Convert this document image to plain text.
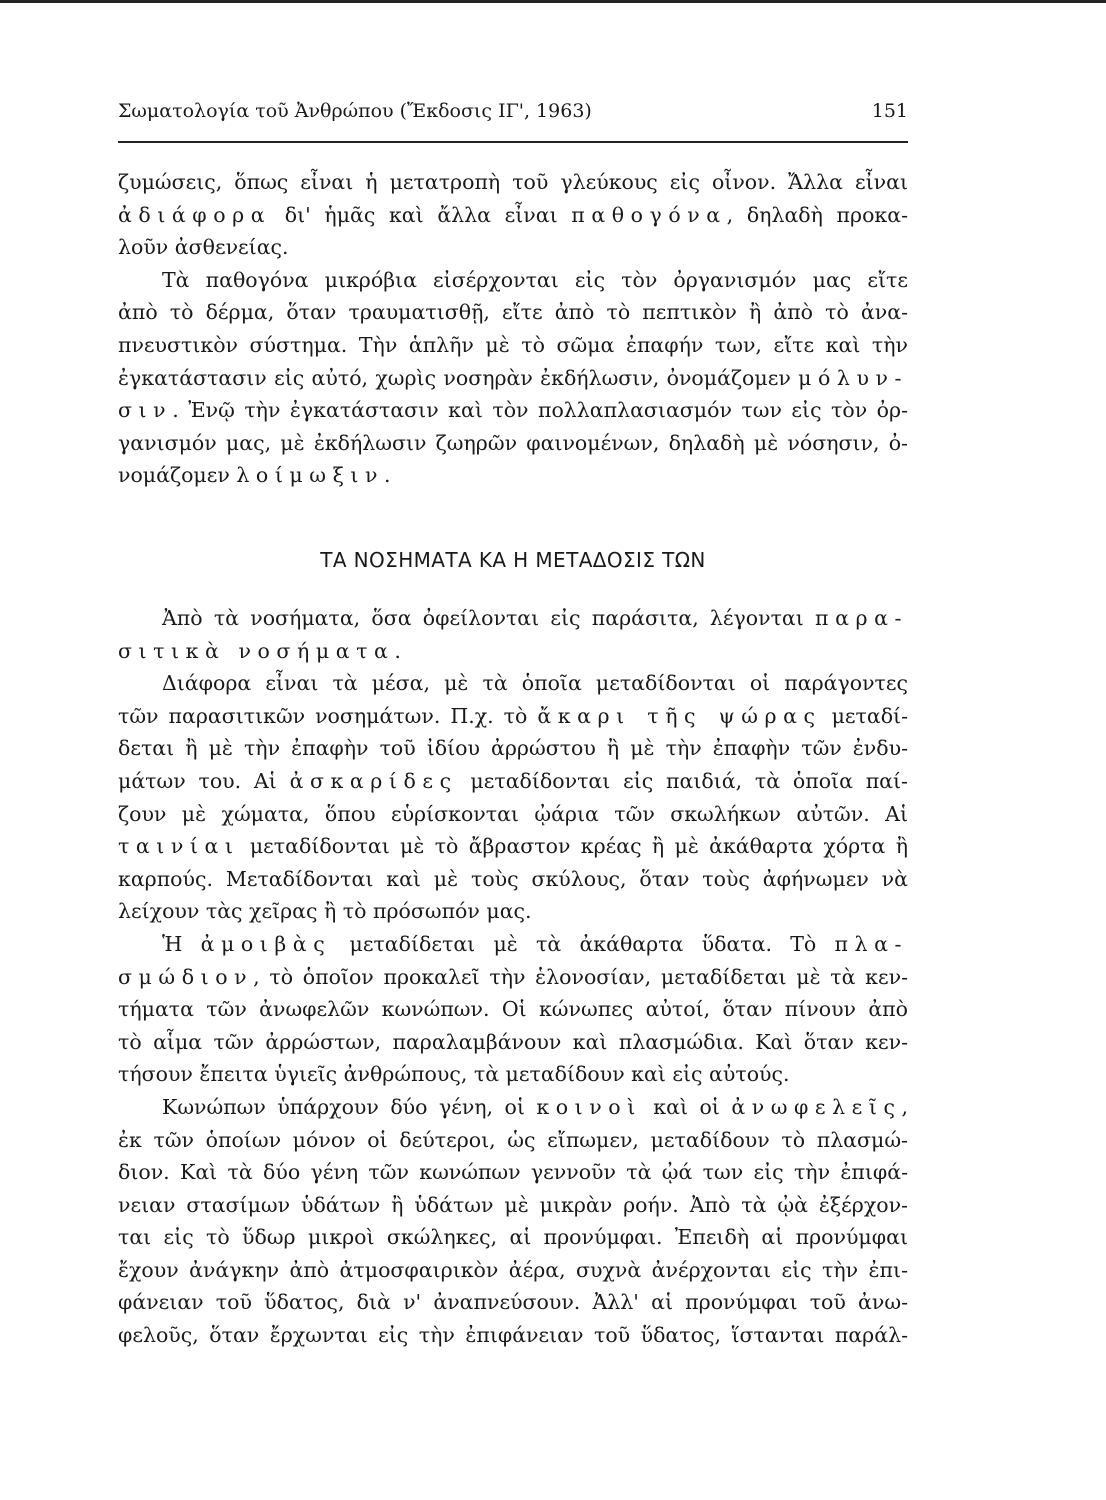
Σωματολογία τοῦ Ἀνθρώπου (Ἔκδοσις ΙΓ', 1963)	151
ζυμώσεις, ὅπως εἶναι ἡ μετατροπὴ τοῦ γλεύκους εἰς οἶνον. Ἄλλα εἶναι
ἀδιάφορα δι' ἡμᾶς καὶ ἄλλα εἶναι παθογόνα, δηλαδὴ προκα-
λοῦν ἀσθενείας.
Τὰ παθογόνα μικρόβια εἰσέρχονται εἰς τὸν ὀργανισμόν μας εἴτε
ἀπὸ τὸ δέρμα, ὅταν τραυματισθῇ, εἴτε ἀπὸ τὸ πεπτικὸν ἢ ἀπὸ τὸ ἀνα-
πνευστικὸν σύστημα. Τὴν ἁπλῆν μὲ τὸ σῶμα ἐπαφήν των, εἴτε καὶ τὴν
ἐγκατάστασιν εἰς αὐτό, χωρὶς νοσηρὰν ἐκδήλωσιν, ὀνομάζομεν μόλυν-
σιν. Ἐνῷ τὴν ἐγκατάστασιν καὶ τὸν πολλαπλασιασμόν των εἰς τὸν ὀρ-
γανισμόν μας, μὲ ἐκδήλωσιν ζωηρῶν φαινομένων, δηλαδὴ μὲ νόσησιν, ὀ-
νομάζομεν λοίμωξιν.
ΤΑ ΝΟΣΗΜΑΤΑ ΚΑ Η ΜΕΤΑΔΟΣΙΣ ΤΩΝ
Ἀπὸ τὰ νοσήματα, ὅσα ὀφείλονται εἰς παράσιτα, λέγονται παρα-
σιτικὰ νοσήματα.
Διάφορα εἶναι τὰ μέσα, μὲ τὰ ὁποῖα μεταδίδονται οἱ παράγοντες
τῶν παρασιτικῶν νοσημάτων. Π.χ. τὸ ἄκαρι τῆς ψώρας μεταδί-
δεται ἢ μὲ τὴν ἐπαφὴν τοῦ ἰδίου ἀρρώστου ἢ μὲ τὴν ἐπαφὴν τῶν ἐνδυ-
μάτων του. Αἱ ἀσκαρίδες μεταδίδονται εἰς παιδιά, τὰ ὁποῖα παί-
ζουν μὲ χώματα, ὅπου εὑρίσκονται ᾠάρια τῶν σκωλήκων αὐτῶν. Αἱ
ταινίαι μεταδίδονται μὲ τὸ ἄβραστον κρέας ἢ μὲ ἀκάθαρτα χόρτα ἢ
καρπούς. Μεταδίδονται καὶ μὲ τοὺς σκύλους, ὅταν τοὺς ἀφήνωμεν νὰ
λείχουν τὰς χεῖρας ἢ τὸ πρόσωπόν μας.
Ἡ ἀμοιβὰς μεταδίδεται μὲ τὰ ἀκάθαρτα ὕδατα. Τὸ πλα-
σμώδιον, τὸ ὁποῖον προκαλεῖ τὴν ἑλονοσίαν, μεταδίδεται μὲ τὰ κεν-
τήματα τῶν ἀνωφελῶν κωνώπων. Οἱ κώνωπες αὐτοί, ὅταν πίνουν ἀπὸ
τὸ αἷμα τῶν ἀρρώστων, παραλαμβάνουν καὶ πλασμώδια. Καὶ ὅταν κεν-
τήσουν ἔπειτα ὑγιεῖς ἀνθρώπους, τὰ μεταδίδουν καὶ εἰς αὐτούς.
Κωνώπων ὑπάρχουν δύο γένη, οἱ κοινοὶ καὶ οἱ ἀνωφελεῖς,
ἐκ τῶν ὁποίων μόνον οἱ δεύτεροι, ὡς εἴπωμεν, μεταδίδουν τὸ πλασμώ-
διον. Καὶ τὰ δύο γένη τῶν κωνώπων γεννοῦν τὰ ᾠά των εἰς τὴν ἐπιφά-
νειαν στασίμων ὑδάτων ἢ ὑδάτων μὲ μικρὰν ροήν. Ἀπὸ τὰ ᾠὰ ἐξέρχον-
ται εἰς τὸ ὕδωρ μικροὶ σκώληκες, αἱ προνύμφαι. Ἐπειδὴ αἱ προνύμφαι
ἔχουν ἀνάγκην ἀπὸ ἀτμοσφαιρικὸν ἀέρα, συχνὰ ἀνέρχονται εἰς τὴν ἐπι-
φάνειαν τοῦ ὕδατος, διὰ ν' ἀναπνεύσουν. Ἀλλ' αἱ προνύμφαι τοῦ ἀνω-
φελοῦς, ὅταν ἔρχωνται εἰς τὴν ἐπιφάνειαν τοῦ ὕδατος, ἵστανται παράλ-
